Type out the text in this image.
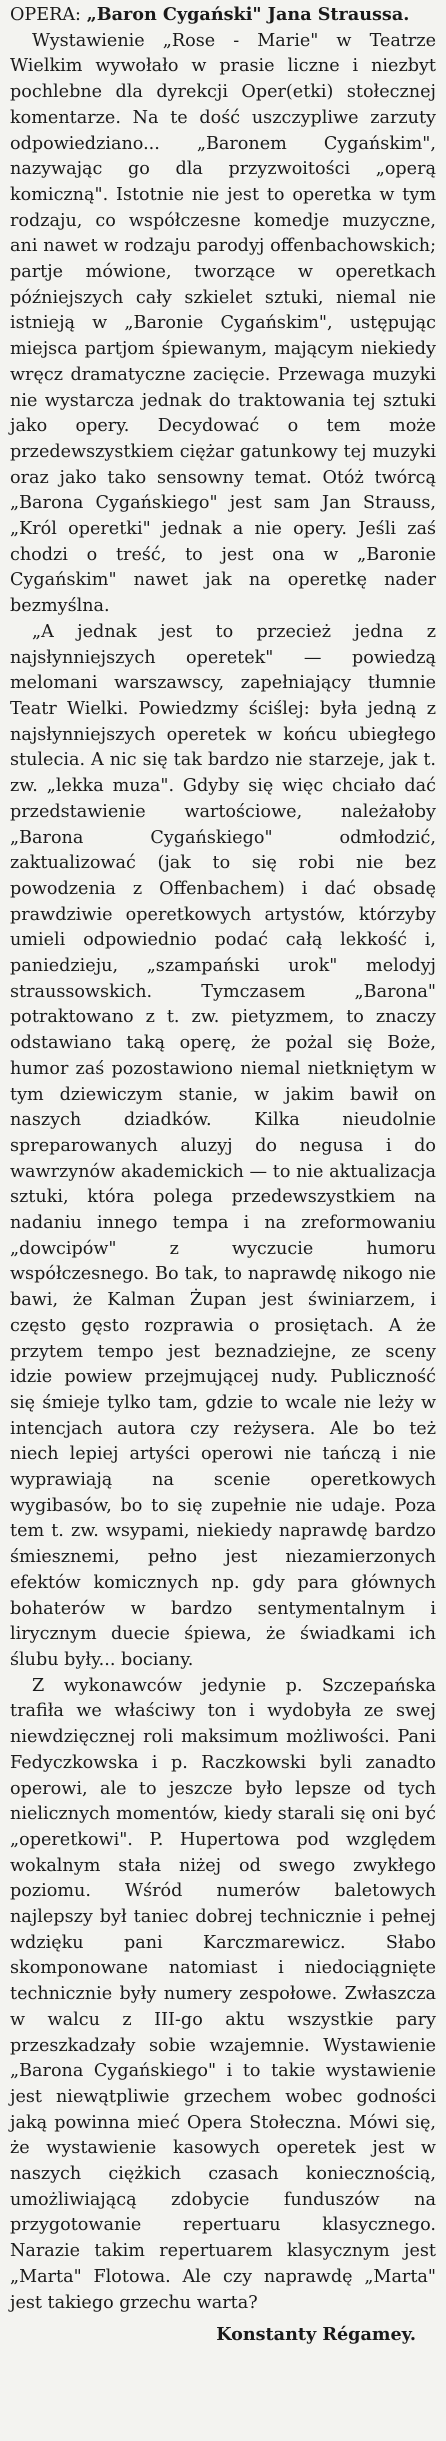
OPERA: „Baron Cygański" Jana Straussa.

Wystawienie „Rose - Marie" w Teatrze Wielkim wywołało w prasie liczne i niezbyt pochlebne dla dyrekcji Oper(etki) stołecznej komentarze. Na te dość uszczypliwe zarzuty odpowiedziano... „Baronem Cygańskim", nazywając go dla przyzwoitości „operą komiczną". Istotnie nie jest to operetka w tym rodzaju, co współczesne komedje muzyczne, ani nawet w rodzaju parodyj offenbachowskich; partje mówione, tworzące w operetkach późniejszych cały szkielet sztuki, niemal nie istnieją w „Baronie Cygańskim", ustępując miejsca partjom śpiewanym, mającym niekiedy wręcz dramatyczne zacięcie. Przewaga muzyki nie wystarcza jednak do traktowania tej sztuki jako opery. Decydować o tem może przedewszystkiem ciężar gatunkowy tej muzyki oraz jako tako sensowny temat. Otóż twórcą „Barona Cygańskiego" jest sam Jan Strauss, „Król operetki" jednak a nie opery. Jeśli zaś chodzi o treść, to jest ona w „Baronie Cygańskim" nawet jak na operetkę nader bezmyślna.

„A jednak jest to przecież jedna z najsłynniejszych operetek" — powiedzą melomani warszawscy, zapełniający tłumnie Teatr Wielki. Powiedzmy ściślej: była jedną z najsłynniejszych operetek w końcu ubiegłego stulecia. A nic się tak bardzo nie starzeje, jak t. zw. „lekka muza". Gdyby się więc chciało dać przedstawienie wartościowe, należałoby „Barona Cygańskiego" odmłodzić, zaktualizować (jak to się robi nie bez powodzenia z Offenbachem) i dać obsadę prawdziwie operetkowych artystów, którzyby umieli odpowiednio podać całą lekkość i, paniedzieju, „szampański urok" melodyj straussowskich. Tymczasem „Barona" potraktowano z t. zw. pietyzmem, to znaczy odstawiano taką operę, że pożal się Boże, humor zaś pozostawiono niemal nietkniętym w tym dziewiczym stanie, w jakim bawił on naszych dziadków. Kilka nieudolnie spreparowanych aluzyj do negusa i do wawrzynów akademickich — to nie aktualizacja sztuki, która polega przedewszystkiem na nadaniu innego tempa i na zreformowaniu „dowcipów" z wyczucie humoru współczesnego. Bo tak, to naprawdę nikogo nie bawi, że Kalman Żupan jest świniarzem, i często gęsto rozprawia o prosiętach. A że przytem tempo jest beznadziejne, ze sceny idzie powiew przejmującej nudy. Publiczność się śmieje tylko tam, gdzie to wcale nie leży w intencjach autora czy reżysera. Ale bo też niech lepiej artyści operowi nie tańczą i nie wyprawiają na scenie operetkowych wygibasów, bo to się zupełnie nie udaje. Poza tem t. zw. wsypami, niekiedy naprawdę bardzo śmiesznemi, pełno jest niezamierzonych efektów komicznych np. gdy para głównych bohaterów w bardzo sentymentalnym i lirycznym duecie śpiewa, że świadkami ich ślubu były... bociany.

Z wykonawców jedynie p. Szczepańska trafiła we właściwy ton i wydobyła ze swej niewdzięcznej roli maksimum możliwości. Pani Fedyczkowska i p. Raczkowski byli zanadto operowi, ale to jeszcze było lepsze od tych nielicznych momentów, kiedy starali się oni być „operetkowi". P. Hupertowa pod względem wokalnym stała niżej od swego zwykłego poziomu. Wśród numerów baletowych najlepszy był taniec dobrej technicznie i pełnej wdzięku pani Karczmarewicz. Słabo skomponowane natomiast i niedociągnięte technicznie były numery zespołowe. Zwłaszcza w walcu z III-go aktu wszystkie pary przeszkadzały sobie wzajemnie. Wystawienie „Barona Cygańskiego" i to takie wystawienie jest niewątpliwie grzechem wobec godności jaką powinna mieć Opera Stołeczna. Mówi się, że wystawienie kasowych operetek jest w naszych ciężkich czasach koniecznością, umożliwiającą zdobycie funduszów na przygotowanie repertuaru klasycznego. Narazie takim repertuarem klasycznym jest „Marta" Flotowa. Ale czy naprawdę „Marta" jest takiego grzechu warta?

Konstanty Régamey.
